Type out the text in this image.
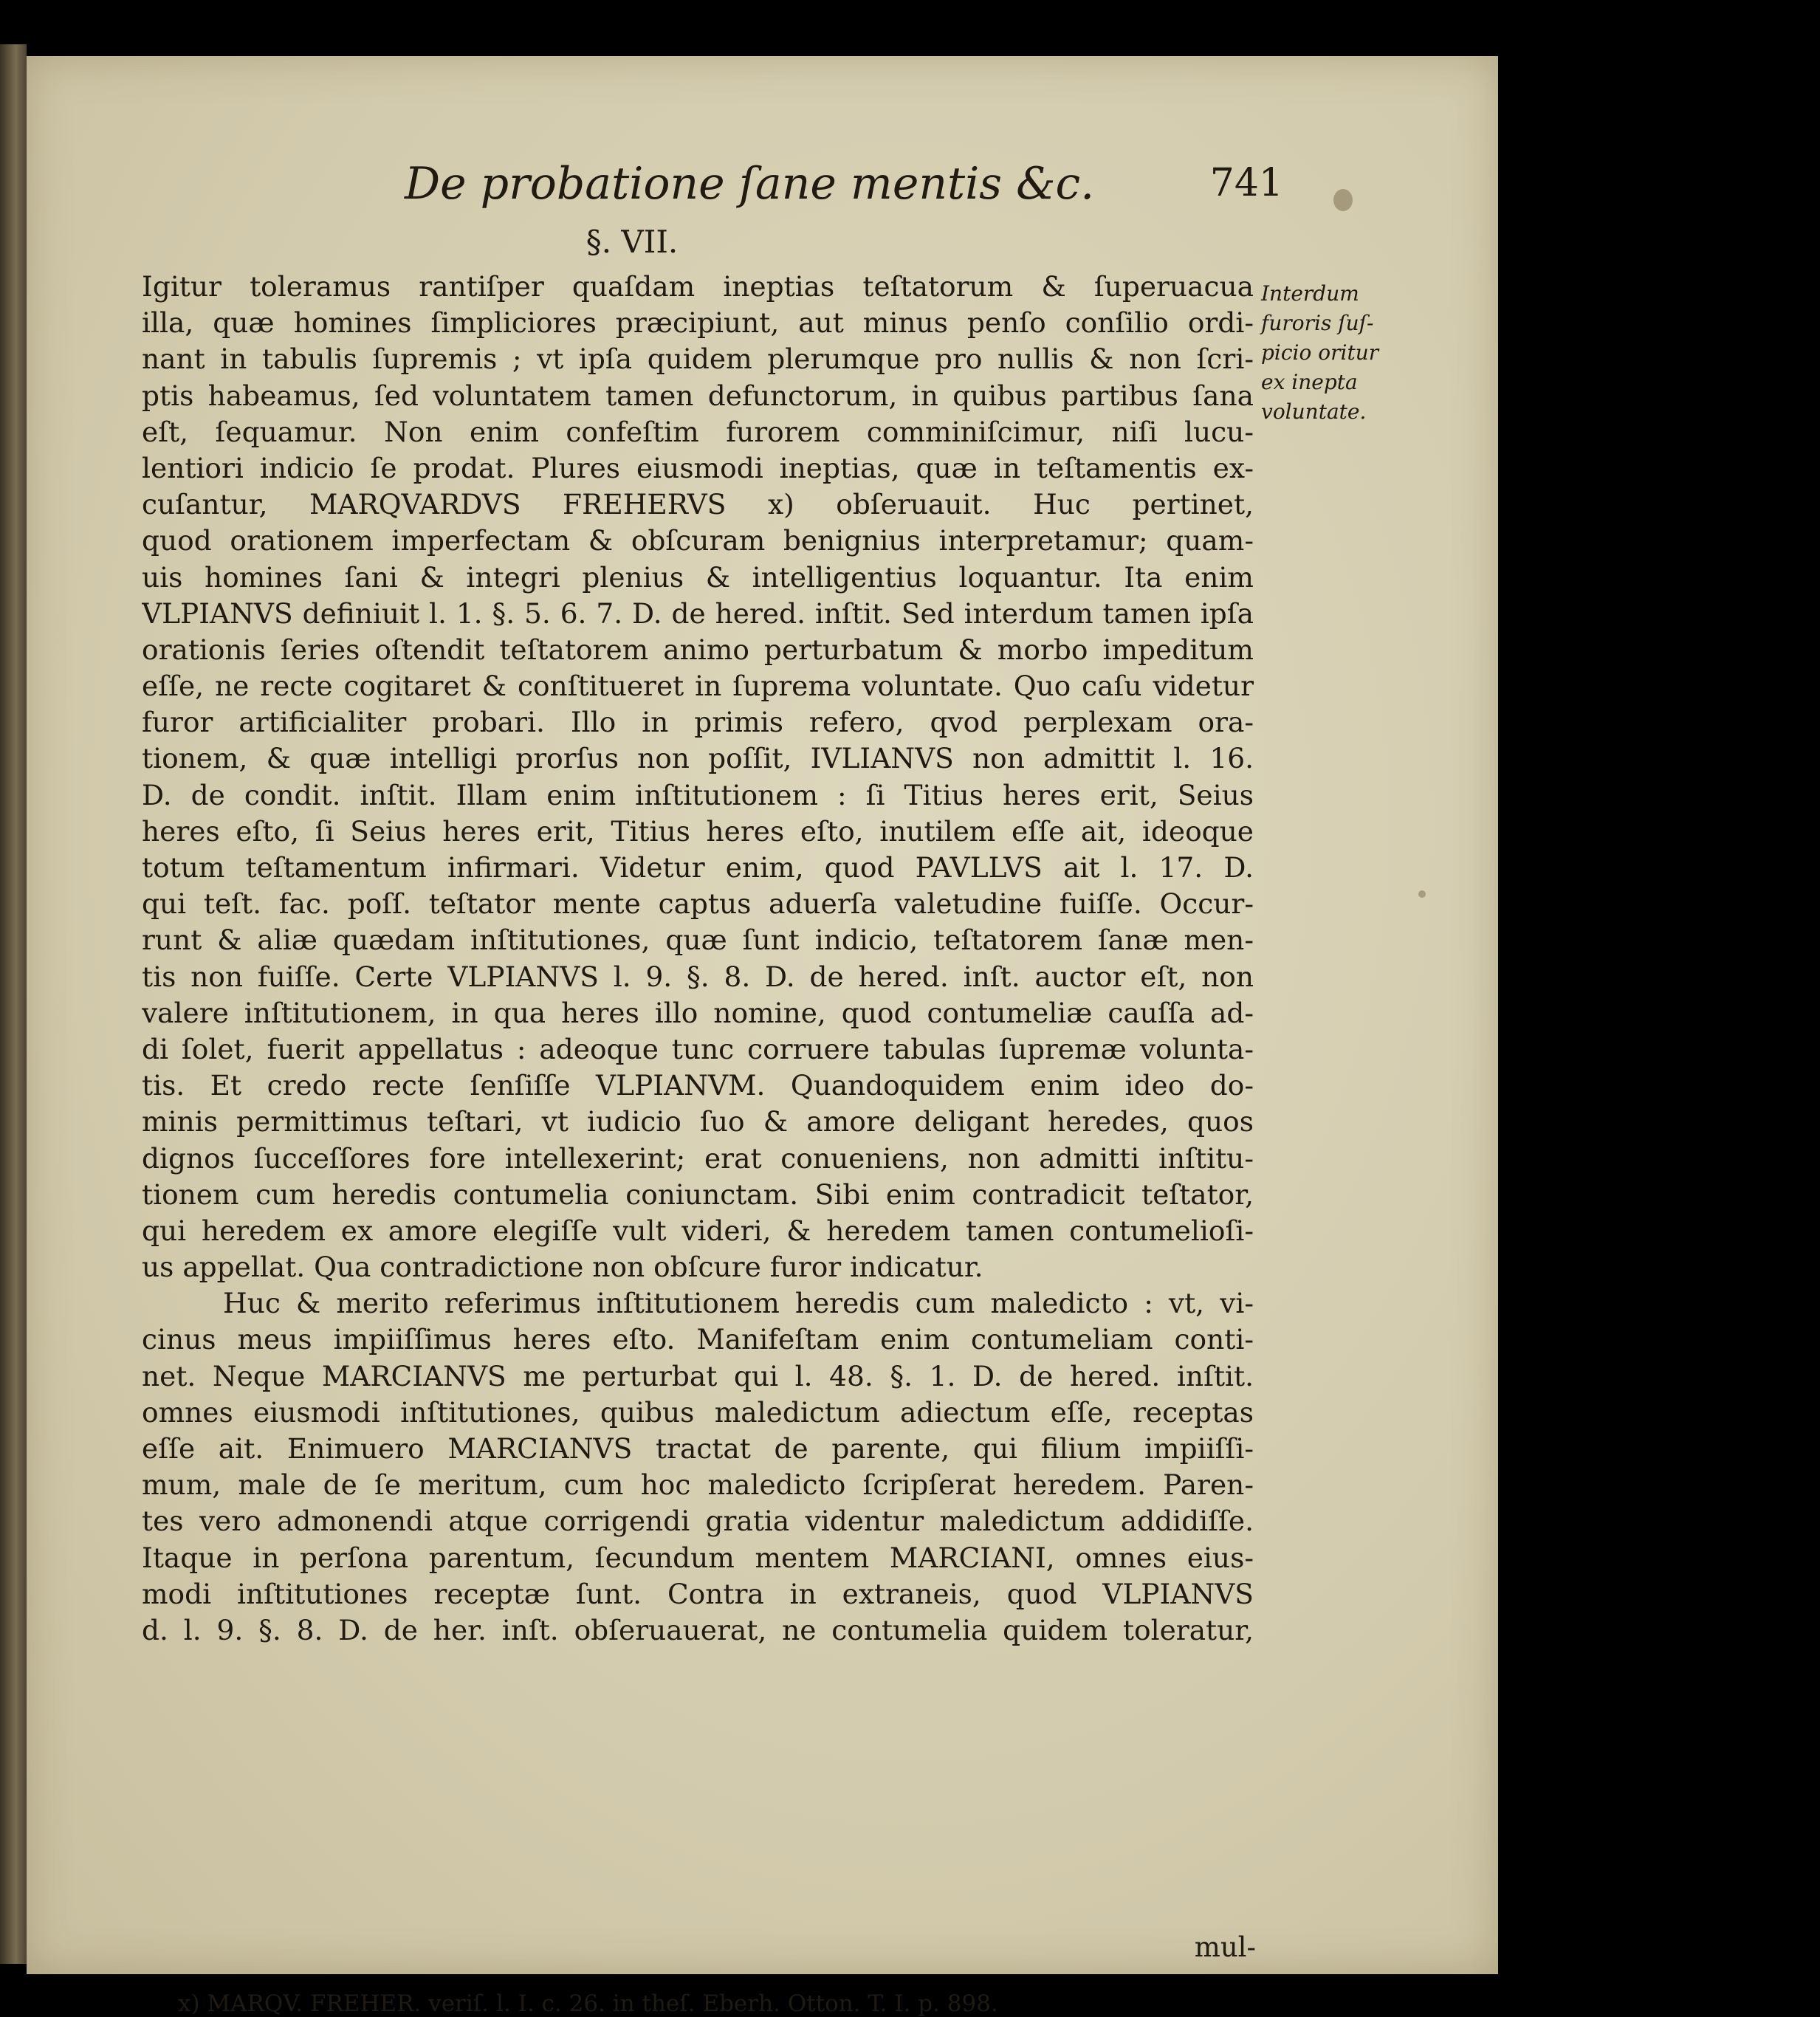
De probatione ſane mentis &c.	741
§. VII.
Igitur toleramus rantiſper quaſdam ineptias teſtatorum & ſuperuacua
illa, quæ homines ſimpliciores præcipiunt, aut minus penſo conſilio ordi-
nant in tabulis ſupremis ; vt ipſa quidem plerumque pro nullis & non ſcri-
ptis habeamus, ſed voluntatem tamen defunctorum, in quibus partibus ſana
eſt, ſequamur. Non enim confeſtim furorem comminiſcimur, niſi lucu-
lentiori indicio ſe prodat. Plures eiusmodi ineptias, quæ in teſtamentis ex-
cuſantur, MARQVARDVS FREHERVS x) obſeruauit. Huc pertinet,
quod orationem imperfectam & obſcuram benignius interpretamur; quam-
uis homines ſani & integri plenius & intelligentius loquantur. Ita enim
VLPIANVS definiuit l. 1. §. 5. 6. 7. D. de hered. inſtit. Sed interdum tamen ipſa
orationis ſeries oſtendit teſtatorem animo perturbatum & morbo impeditum
eſſe, ne recte cogitaret & conſtitueret in ſuprema voluntate. Quo caſu videtur
furor artificialiter probari. Illo in primis refero, qvod perplexam ora-
tionem, & quæ intelligi prorſus non poſſit, IVLIANVS non admittit l. 16.
D. de condit. inſtit. Illam enim inſtitutionem : ſi Titius heres erit, Seius
heres eſto, ſi Seius heres erit, Titius heres eſto, inutilem eſſe ait, ideoque
totum teſtamentum infirmari. Videtur enim, quod PAVLLVS ait l. 17. D.
qui teſt. fac. poſſ. teſtator mente captus aduerſa valetudine fuiſſe. Occur-
runt & aliæ quædam inſtitutiones, quæ ſunt indicio, teſtatorem ſanæ men-
tis non fuiſſe. Certe VLPIANVS l. 9. §. 8. D. de hered. inſt. auctor eſt, non
valere inſtitutionem, in qua heres illo nomine, quod contumeliæ cauſſa ad-
di ſolet, fuerit appellatus : adeoque tunc corruere tabulas ſupremæ volunta-
tis. Et credo recte ſenſiſſe VLPIANVM. Quandoquidem enim ideo do-
minis permittimus teſtari, vt iudicio ſuo & amore deligant heredes, quos
dignos ſucceſſores fore intellexerint; erat conueniens, non admitti inſtitu-
tionem cum heredis contumelia coniunctam. Sibi enim contradicit teſtator,
qui heredem ex amore elegiſſe vult videri, & heredem tamen contumelioſi-
us appellat. Qua contradictione non obſcure furor indicatur.
Huc & merito referimus inſtitutionem heredis cum maledicto : vt, vi-
cinus meus impiiſſimus heres eſto. Manifeſtam enim contumeliam conti-
net. Neque MARCIANVS me perturbat qui l. 48. §. 1. D. de hered. inſtit.
omnes eiusmodi inſtitutiones, quibus maledictum adiectum eſſe, receptas
eſſe ait. Enimuero MARCIANVS tractat de parente, qui filium impiiſſi-
mum, male de ſe meritum, cum hoc maledicto ſcripſerat heredem. Paren-
tes vero admonendi atque corrigendi gratia videntur maledictum addidiſſe.
Itaque in perſona parentum, ſecundum mentem MARCIANI, omnes eius-
modi inſtitutiones receptæ ſunt. Contra in extraneis, quod VLPIANVS
d. l. 9. §. 8. D. de her. inſt. obſeruauerat, ne contumelia quidem toleratur,
Interdum
furoris ſuſ-
picio oritur
ex inepta
voluntate.
mul-
x) MARQV. FREHER. veriſ. l. I. c. 26. in theſ. Eberh. Otton. T. I. p. 898.
